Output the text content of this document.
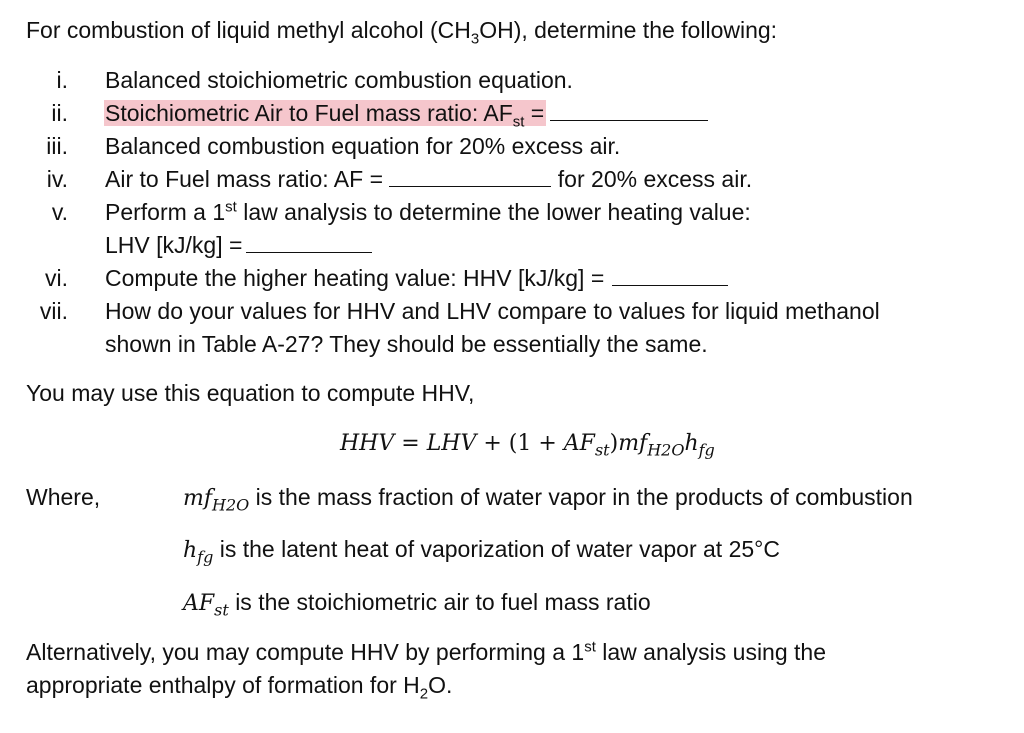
For combustion of liquid methyl alcohol $(CH_3OH)$, determine the following:
i. Balanced stoichiometric combustion equation.
ii. Stoichiometric Air to Fuel mass ratio: $AF_{st}$ =
iii. Balanced combustion equation for 20% excess air.
iv. Air to Fuel mass ratio: AF =	for 20% excess air.
v. Perform a 1st law analysis to determine the lower heating value:
LHV [kJ/kg] =
vi. Compute the higher heating value: HHV [kJ/kg] =
vii. How do your values for HHV and LHV compare to values for liquid methanol
shown in Table A-27? They should be essentially the same.
You may use this equation to compute HHV,
HHV = LHV + $(1 + AF_{st})mf_{H2O}h_{fg}$
Where,	$mf_{H2O}$ is the mass fraction of water vapor in the products of combustion
$h_{fg}$ is the latent heat of vaporization of water vapor at 25°C
$AF_{st}$ is the stoichiometric air to fuel mass ratio
Alternatively, you may compute HHV by performing a 1st law analysis using the
appropriate enthalpy of formation for $H_2O$.
